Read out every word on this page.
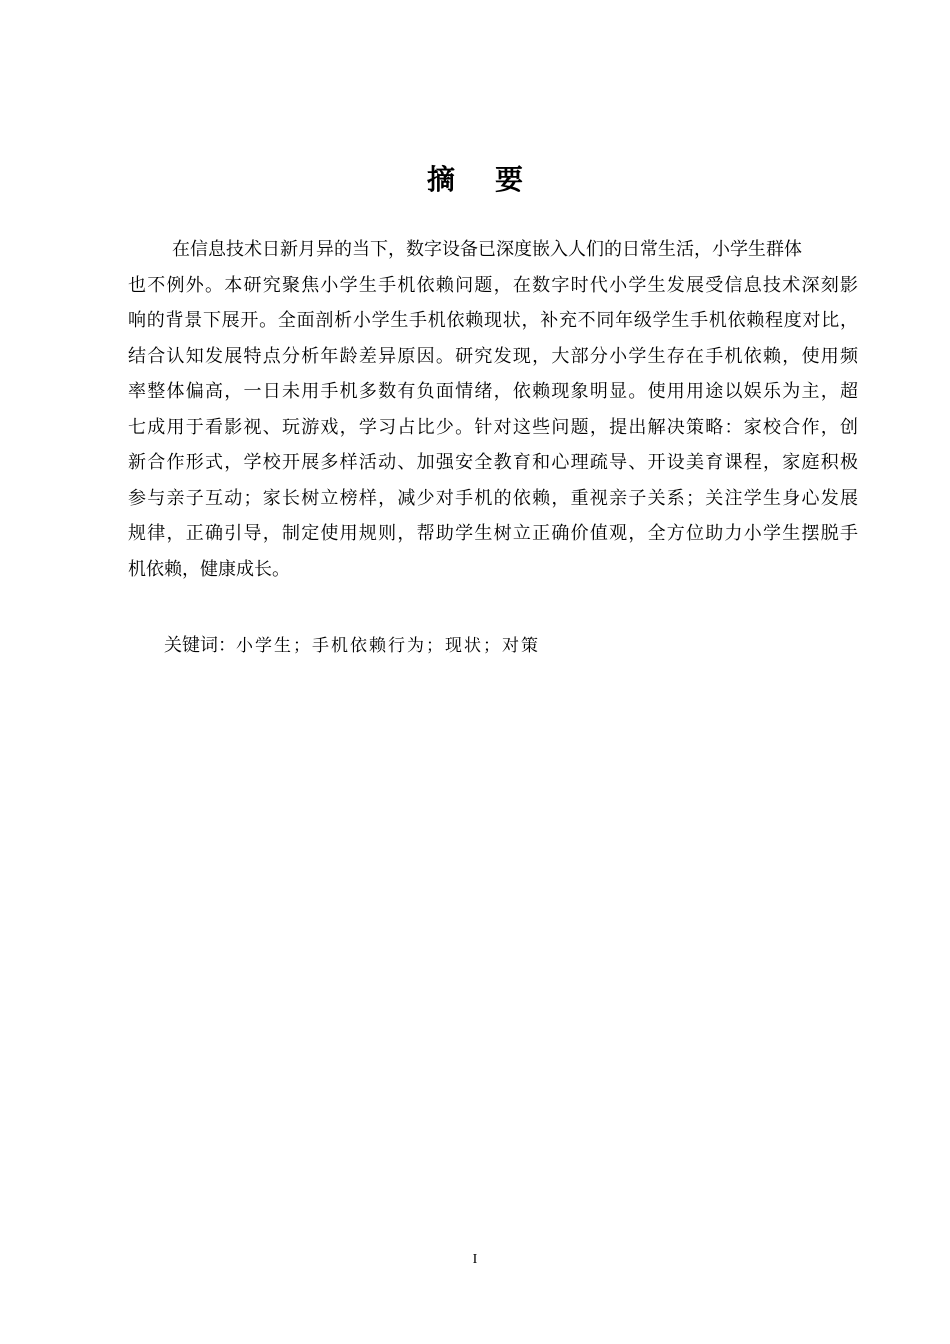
摘 要
在信息技术日新月异的当下，数字设备已深度嵌入人们的日常生活，小学生群体
也不例外。本研究聚焦小学生手机依赖问题，在数字时代小学生发展受信息技术深刻影
响的背景下展开。全面剖析小学生手机依赖现状，补充不同年级学生手机依赖程度对比，
结合认知发展特点分析年龄差异原因。研究发现，大部分小学生存在手机依赖，使用频
率整体偏高，一日未用手机多数有负面情绪，依赖现象明显。使用用途以娱乐为主，超
七成用于看影视、玩游戏，学习占比少。针对这些问题，提出解决策略：家校合作，创
新合作形式，学校开展多样活动、加强安全教育和心理疏导、开设美育课程，家庭积极
参与亲子互动；家长树立榜样，减少对手机的依赖，重视亲子关系；关注学生身心发展
规律，正确引导，制定使用规则，帮助学生树立正确价值观，全方位助力小学生摆脱手
机依赖，健康成长。
关键词：小学生；手机依赖行为；现状；对策
I
